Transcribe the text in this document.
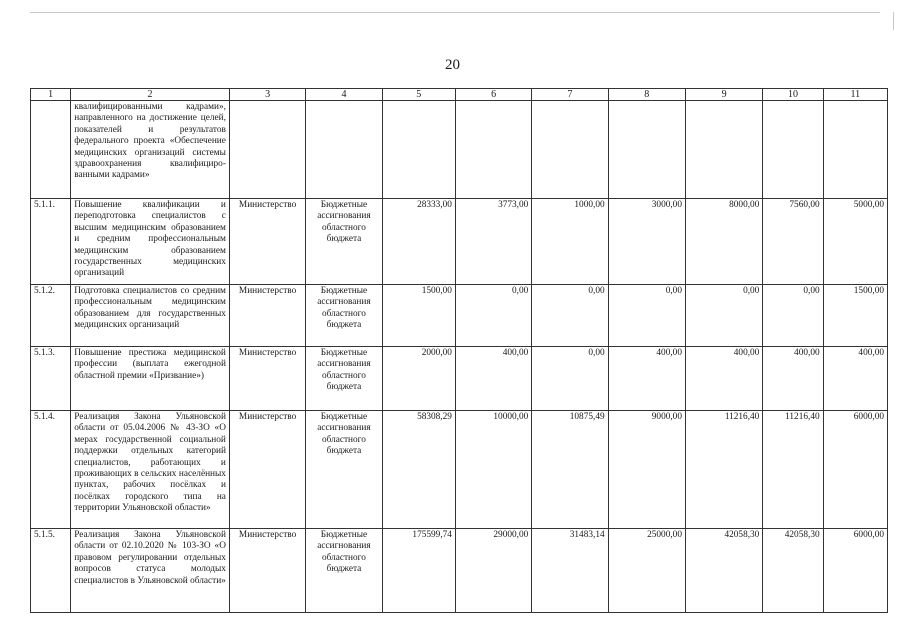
20
1	2	3	4	5	6	7	8	9	10	11
	квалифицированными кадрами», направленного на достижение целей, показателей и результатов федерального проекта «Обеспечение медицинских организаций системы здравоохранения квалифицированными кадрами»									
5.1.1.	Повышение квалификации и переподготовка специалистов с высшим медицинским образованием и средним профессиональным медицинским образованием государственных медицинских организаций	Министерство	Бюджетные ассигнования областного бюджета	28333,00	3773,00	1000,00	3000,00	8000,00	7560,00	5000,00
5.1.2.	Подготовка специалистов со средним профессиональным медицинским образованием для государственных медицинских организаций	Министерство	Бюджетные ассигнования областного бюджета	1500,00	0,00	0,00	0,00	0,00	0,00	1500,00
5.1.3.	Повышение престижа медицинской профессии (выплата ежегодной областной премии «Призвание»)	Министерство	Бюджетные ассигнования областного бюджета	2000,00	400,00	0,00	400,00	400,00	400,00	400,00
5.1.4.	Реализация Закона Ульяновской области от 05.04.2006 № 43-ЗО «О мерах государственной социальной поддержки отдельных категорий специалистов, работающих и проживающих в сельских населённых пунктах, рабочих посёлках и посёлках городского типа на территории Ульяновской области»	Министерство	Бюджетные ассигнования областного бюджета	58308,29	10000,00	10875,49	9000,00	11216,40	11216,40	6000,00
5.1.5.	Реализация Закона Ульяновской области от 02.10.2020 № 103-ЗО «О правовом регулировании отдельных вопросов статуса молодых специалистов в Ульяновской области»	Министерство	Бюджетные ассигнования областного бюджета	175599,74	29000,00	31483,14	25000,00	42058,30	42058,30	6000,00
